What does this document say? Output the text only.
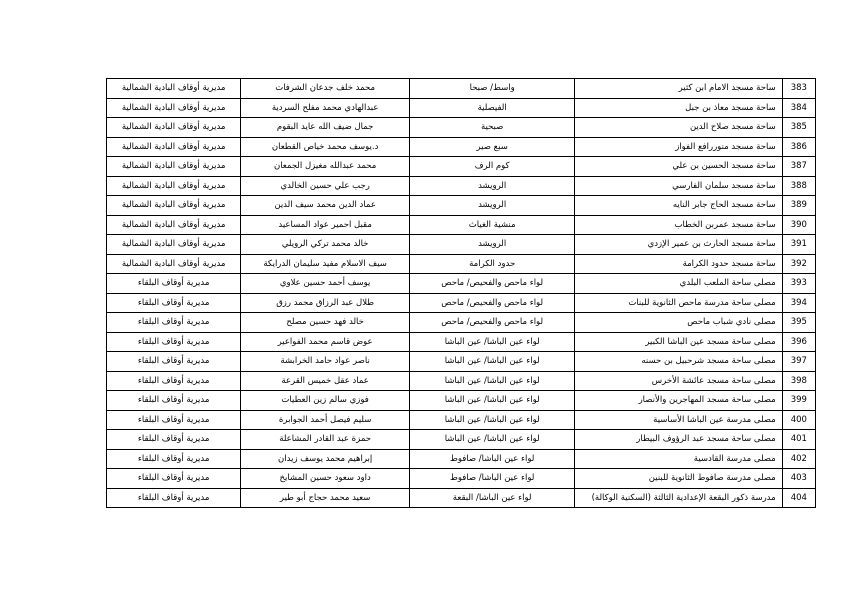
383	ساحة مسجد الامام ابن كثير	واسط/ صبحا	محمد خلف جدعان الشرفات	مديرية أوقاف البادية الشمالية
384	ساحة مسجد معاذ بن جبل	الفيصلية	عبدالهادي محمد مفلح السردية	مديرية أوقاف البادية الشمالية
385	ساحة مسجد صلاح الدين	صبحية	جمال ضيف الله عايد البقوم	مديرية أوقاف البادية الشمالية
386	ساحة مسجد منوررافع الفواز	سبع صير	د.يوسف محمد خياص القطعان	مديرية أوقاف البادية الشمالية
387	ساحة مسجد الحسين بن علي	كوم الرف	محمد عبدالله مغيزل الجمعان	مديرية أوقاف البادية الشمالية
388	ساحة مسجد سلمان الفارسي	الرويشد	رجب علي حسين الخالدي	مديرية أوقاف البادية الشمالية
389	ساحة مسجد الحاج جابر النايه	الرويشد	عماد الدين محمد سيف الدين	مديرية أوقاف البادية الشمالية
390	ساحة مسجد عمربن الخطاب	منشية الغياث	مقبل احمير عواد المساعيد	مديرية أوقاف البادية الشمالية
391	ساحة مسجد الحارث بن عمير الإزدي	الرويشد	خالد محمد تركي الرويلي	مديرية أوقاف البادية الشمالية
392	ساحة مسجد حدود الكرامة	حدود الكرامة	سيف الاسلام مفيد سليمان الدرايكة	مديرية أوقاف البادية الشمالية
393	مصلى ساحة الملعب البلدي	لواء ماحص والفحيص/ ماحص	يوسف أحمد حسين علاوي	مديرية أوقاف البلقاء
394	مصلى ساحة مدرسة ماحص الثانوية للبنات	لواء ماحص والفحيص/ ماحص	طلال عبد الرزاق محمد رزق	مديرية أوقاف البلقاء
395	مصلى نادي شباب ماحص	لواء ماحص والفحيص/ ماحص	خالد فهد حسين مصلح	مديرية أوقاف البلقاء
396	مصلى ساحة مسجد عين الباشا الكبير	لواء عين الباشا/ عين الباشا	عوض قاسم محمد الفواعير	مديرية أوقاف البلقاء
397	مصلى ساحة مسجد شرحبيل بن حسنه	لواء عين الباشا/ عين الباشا	ناصر عواد حامد الخرابشة	مديرية أوقاف البلقاء
398	مصلى ساحة مسجد عائشة الأخرس	لواء عين الباشا/ عين الباشا	عماد عقل خميس القرعة	مديرية أوقاف البلقاء
399	مصلى ساحة مسجد المهاجرين والأنصار	لواء عين الباشا/ عين الباشا	فوزي سالم زين العطيات	مديرية أوقاف البلقاء
400	مصلى مدرسة عين الباشا الأساسية	لواء عين الباشا/ عين الباشا	سليم فيصل أحمد الجوابرة	مديرية أوقاف البلقاء
401	مصلى ساحة مسجد عبد الرؤوف البيطار	لواء عين الباشا/ عين الباشا	حمزة عبد القادر المشاعلة	مديرية أوقاف البلقاء
402	مصلى مدرسة القادسية	لواء عين الباشا/ صافوط	إبراهيم محمد يوسف زيدان	مديرية أوقاف البلقاء
403	مصلى مدرسة صافوط الثانوية للبنين	لواء عين الباشا/ صافوط	داود سعود حسين المشايخ	مديرية أوقاف البلقاء
404	مدرسة ذكور البقعة الإعدادية الثالثة (السكنية الوكالة)	لواء عين الباشا/ البقعة	سعيد محمد حجاج أبو طير	مديرية أوقاف البلقاء
